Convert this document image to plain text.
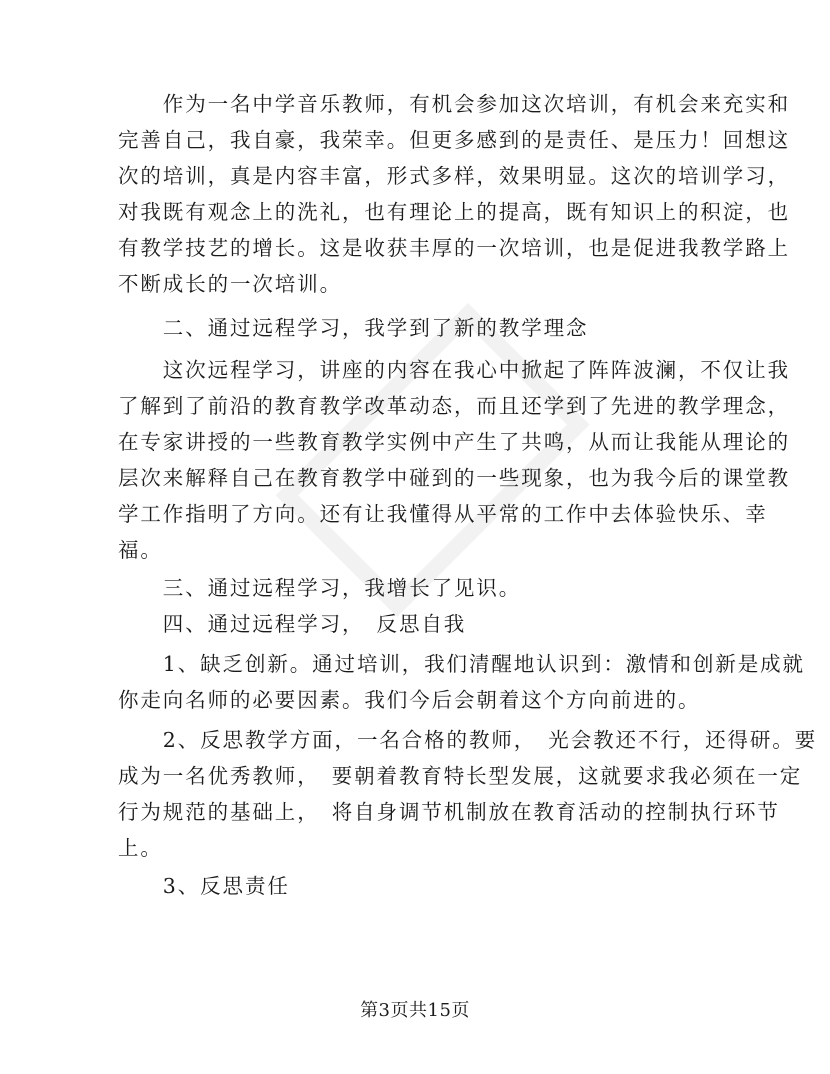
　　作为一名中学音乐教师，有机会参加这次培训，有机会来充实和
完善自己，我自豪，我荣幸。但更多感到的是责任、是压力！回想这
次的培训，真是内容丰富，形式多样，效果明显。这次的培训学习，
对我既有观念上的洗礼，也有理论上的提高，既有知识上的积淀，也
有教学技艺的增长。这是收获丰厚的一次培训，也是促进我教学路上
不断成长的一次培训。
　　二、通过远程学习，我学到了新的教学理念
　　这次远程学习，讲座的内容在我心中掀起了阵阵波澜，不仅让我
了解到了前沿的教育教学改革动态，而且还学到了先进的教学理念，
在专家讲授的一些教育教学实例中产生了共鸣，从而让我能从理论的
层次来解释自己在教育教学中碰到的一些现象，也为我今后的课堂教
学工作指明了方向。还有让我懂得从平常的工作中去体验快乐、幸
福。
　　三、通过远程学习，我增长了见识。
　　四、通过远程学习，　反思自我
　　1、缺乏创新。通过培训，我们清醒地认识到：激情和创新是成就
你走向名师的必要因素。我们今后会朝着这个方向前进的。
　　2、反思教学方面，一名合格的教师，　光会教还不行，还得研。要
成为一名优秀教师，　要朝着教育特长型发展，这就要求我必须在一定
行为规范的基础上，　将自身调节机制放在教育活动的控制执行环节
上。
　　3、反思责任
第3页共15页
